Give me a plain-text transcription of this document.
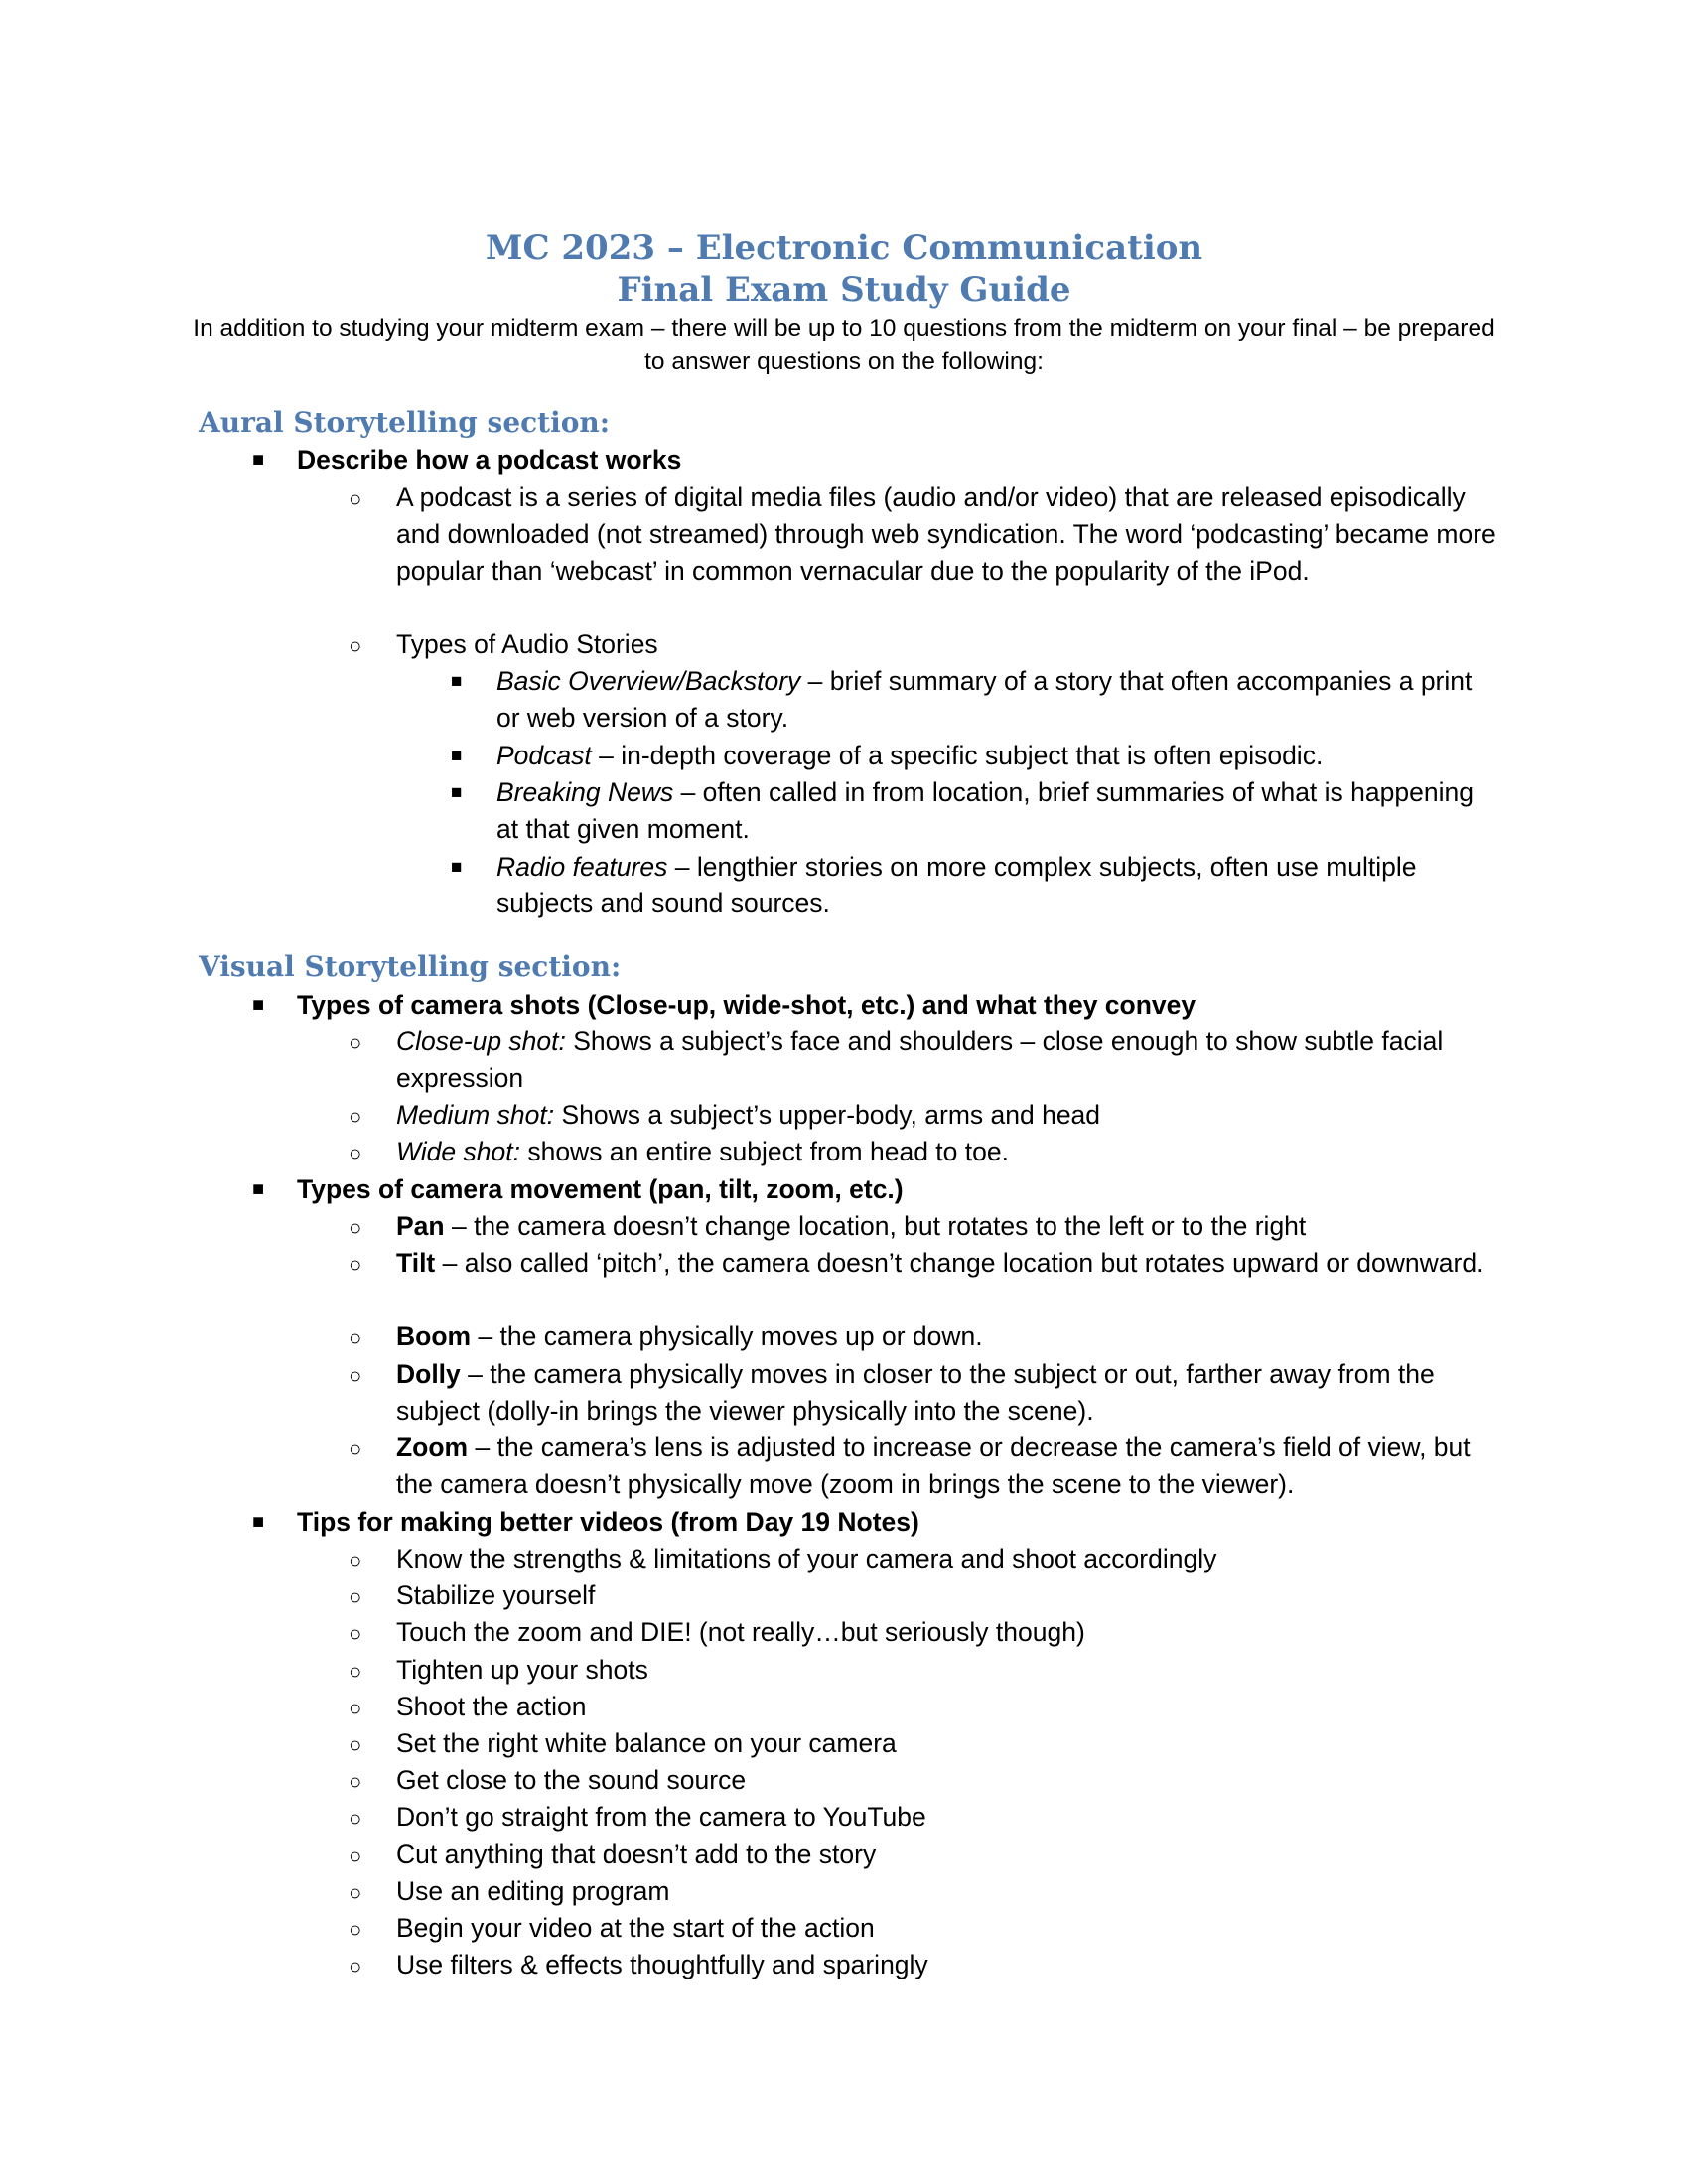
MC 2023 – Electronic Communication
Final Exam Study Guide
In addition to studying your midterm exam – there will be up to 10 questions from the midterm on your final – be prepared to answer questions on the following:
Aural Storytelling section:
■ Describe how a podcast works
○ A podcast is a series of digital media files (audio and/or video) that are released episodically and downloaded (not streamed) through web syndication. The word ‘podcasting’ became more popular than ‘webcast’ in common vernacular due to the popularity of the iPod.
○ Types of Audio Stories
■ Basic Overview/Backstory – brief summary of a story that often accompanies a print or web version of a story.
■ Podcast – in-depth coverage of a specific subject that is often episodic.
■ Breaking News – often called in from location, brief summaries of what is happening at that given moment.
■ Radio features – lengthier stories on more complex subjects, often use multiple subjects and sound sources.
Visual Storytelling section:
■ Types of camera shots (Close-up, wide-shot, etc.) and what they convey
○ Close-up shot: Shows a subject’s face and shoulders – close enough to show subtle facial expression
○ Medium shot: Shows a subject’s upper-body, arms and head
○ Wide shot: shows an entire subject from head to toe.
■ Types of camera movement (pan, tilt, zoom, etc.)
○ Pan – the camera doesn’t change location, but rotates to the left or to the right
○ Tilt – also called ‘pitch’, the camera doesn’t change location but rotates upward or downward.
○ Boom – the camera physically moves up or down.
○ Dolly – the camera physically moves in closer to the subject or out, farther away from the subject (dolly-in brings the viewer physically into the scene).
○ Zoom – the camera’s lens is adjusted to increase or decrease the camera’s field of view, but the camera doesn’t physically move (zoom in brings the scene to the viewer).
■ Tips for making better videos (from Day 19 Notes)
○ Know the strengths & limitations of your camera and shoot accordingly
○ Stabilize yourself
○ Touch the zoom and DIE! (not really…but seriously though)
○ Tighten up your shots
○ Shoot the action
○ Set the right white balance on your camera
○ Get close to the sound source
○ Don’t go straight from the camera to YouTube
○ Cut anything that doesn’t add to the story
○ Use an editing program
○ Begin your video at the start of the action
○ Use filters & effects thoughtfully and sparingly
